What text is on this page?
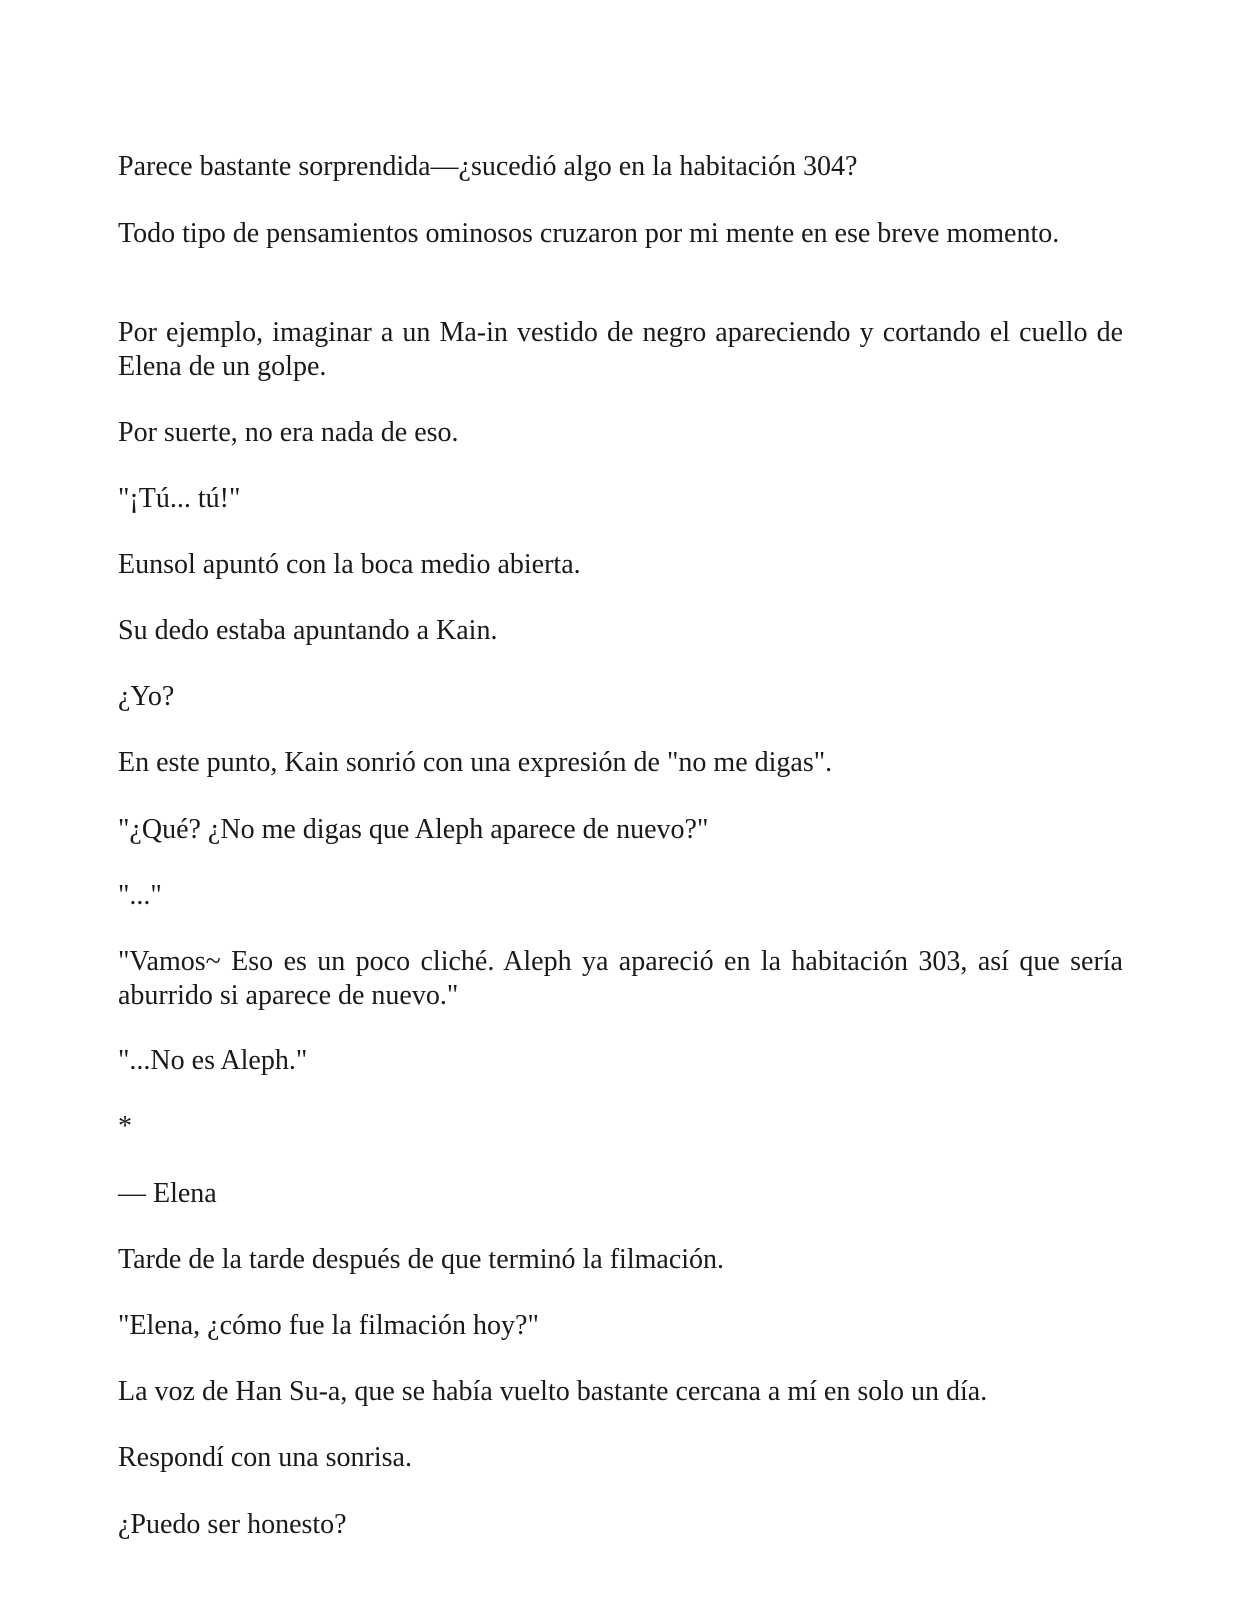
Parece bastante sorprendida—¿sucedió algo en la habitación 304?

Todo tipo de pensamientos ominosos cruzaron por mi mente en ese breve momento.

Por ejemplo, imaginar a un Ma-in vestido de negro apareciendo y cortando el cuello de Elena de un golpe.

Por suerte, no era nada de eso.

"¡Tú... tú!"

Eunsol apuntó con la boca medio abierta.

Su dedo estaba apuntando a Kain.

¿Yo?

En este punto, Kain sonrió con una expresión de "no me digas".

"¿Qué? ¿No me digas que Aleph aparece de nuevo?"

"..."

"Vamos~ Eso es un poco cliché. Aleph ya apareció en la habitación 303, así que sería aburrido si aparece de nuevo."

"...No es Aleph."

*

— Elena

Tarde de la tarde después de que terminó la filmación.

"Elena, ¿cómo fue la filmación hoy?"

La voz de Han Su-a, que se había vuelto bastante cercana a mí en solo un día.

Respondí con una sonrisa.

¿Puedo ser honesto?
